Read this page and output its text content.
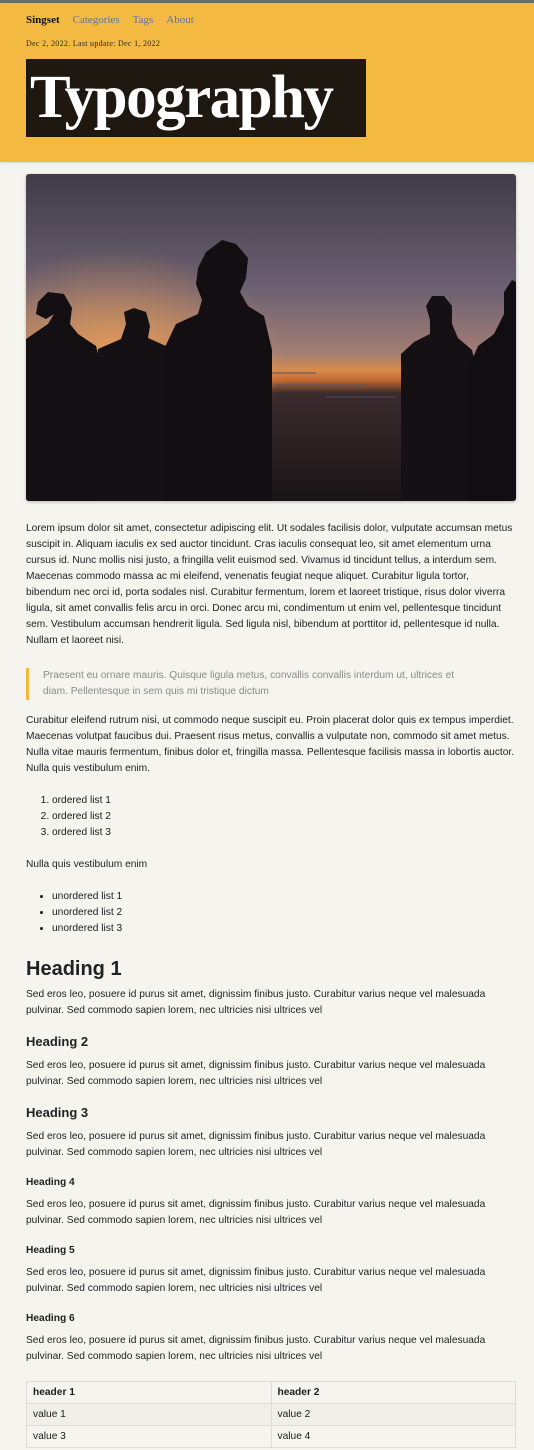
Singset Categories Tags About
Dec 2, 2022. Last update: Dec 1, 2022
Typography

Lorem ipsum dolor sit amet, consectetur adipiscing elit. Ut sodales facilisis dolor, vulputate accumsan metus suscipit in. Aliquam iaculis ex sed auctor tincidunt. Cras iaculis consequat leo, sit amet elementum urna cursus id. Nunc mollis nisi justo, a fringilla velit euismod sed. Vivamus id tincidunt tellus, a interdum sem. Maecenas commodo massa ac mi eleifend, venenatis feugiat neque aliquet. Curabitur ligula tortor, bibendum nec orci id, porta sodales nisl. Curabitur fermentum, lorem et laoreet tristique, risus dolor viverra ligula, sit amet convallis felis arcu in orci. Donec arcu mi, condimentum ut enim vel, pellentesque tincidunt sem. Vestibulum accumsan hendrerit ligula. Sed ligula nisl, bibendum at porttitor id, pellentesque id nulla. Nullam et laoreet nisi.

Praesent eu ornare mauris. Quisque ligula metus, convallis convallis interdum ut, ultrices et diam. Pellentesque in sem quis mi tristique dictum

Curabitur eleifend rutrum nisi, ut commodo neque suscipit eu. Proin placerat dolor quis ex tempus imperdiet. Maecenas volutpat faucibus dui. Praesent risus metus, convallis a vulputate non, commodo sit amet metus. Nulla vitae mauris fermentum, finibus dolor et, fringilla massa. Pellentesque facilisis massa in lobortis auctor. Nulla quis vestibulum enim.

1. ordered list 1
2. ordered list 2
3. ordered list 3

Nulla quis vestibulum enim

• unordered list 1
• unordered list 2
• unordered list 3
Heading 1

Sed eros leo, posuere id purus sit amet, dignissim finibus justo. Curabitur varius neque vel malesuada pulvinar. Sed commodo sapien lorem, nec ultricies nisi ultrices vel

Heading 2

Sed eros leo, posuere id purus sit amet, dignissim finibus justo. Curabitur varius neque vel malesuada pulvinar. Sed commodo sapien lorem, nec ultricies nisi ultrices vel

Heading 3

Sed eros leo, posuere id purus sit amet, dignissim finibus justo. Curabitur varius neque vel malesuada pulvinar. Sed commodo sapien lorem, nec ultricies nisi ultrices vel

Heading 4

Sed eros leo, posuere id purus sit amet, dignissim finibus justo. Curabitur varius neque vel malesuada pulvinar. Sed commodo sapien lorem, nec ultricies nisi ultrices vel

Heading 5

Sed eros leo, posuere id purus sit amet, dignissim finibus justo. Curabitur varius neque vel malesuada pulvinar. Sed commodo sapien lorem, nec ultricies nisi ultrices vel

Heading 6

Sed eros leo, posuere id purus sit amet, dignissim finibus justo. Curabitur varius neque vel malesuada pulvinar. Sed commodo sapien lorem, nec ultricies nisi ultrices vel

header 1	header 2
value 1	value 2
value 3	value 4
